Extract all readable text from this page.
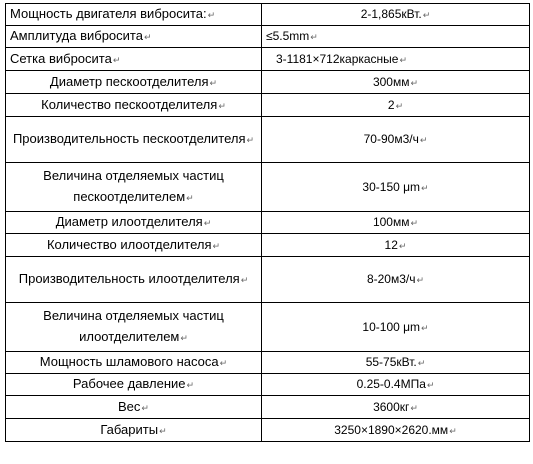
Мощность двигателя вибросита:↵	2-1,865кВт.↵
Амплитуда вибросита↵	≤5.5mm↵
Сетка вибросита↵	3-1181×712каркасные↵
Диаметр пескоотделителя↵	300мм↵
Количество пескоотделителя↵	2↵
Производительность пескоотделителя↵	70-90м3/ч↵
Величина отделяемых частиц пескоотделителем↵	30-150 μm↵
Диаметр илоотделителя↵	100мм↵
Количество илоотделителя↵	12↵
Производительность илоотделителя↵	8-20м3/ч↵
Величина отделяемых частиц илоотделителем↵	10-100 μm↵
Мощность шламового насоса↵	55-75кВт.↵
Рабочее давление↵	0.25-0.4МПа↵
Вес↵	3600кг↵
Габариты↵	3250×1890×2620.мм↵
